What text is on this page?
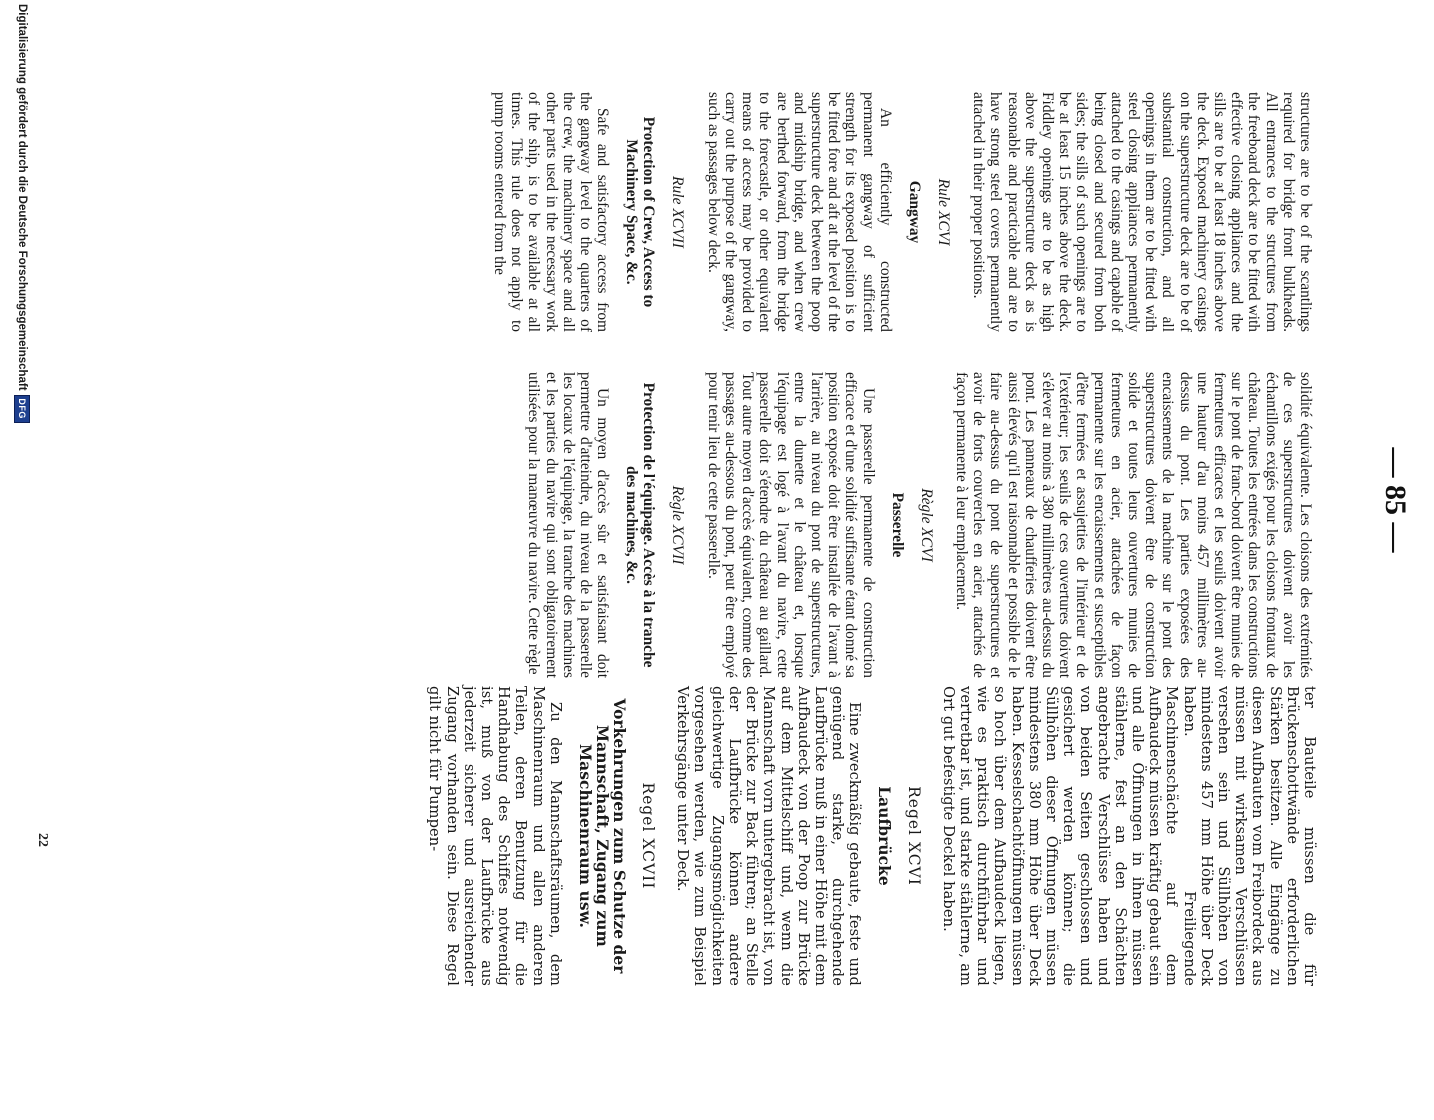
— 85 —

structures are to be of the scantlings required for bridge front bulkheads. All entrances to the structures from the freeboard deck are to be fitted with effective closing appliances and the sills are to be at least 18 inches above the deck. Exposed machinery casings on the superstructure deck are to be of substantial construction, and all openings in them are to be fitted with steel closing appliances permanently attached to the casings and capable of being closed and secured from both sides; the sills of such openings are to be at least 15 inches above the deck. Fiddley openings are to be as high above the superstructure deck as is reasonable and practicable and are to have strong steel covers permanently attached in their proper positions.

Rule XCVI
Gangway

An efficiently constructed permanent gangway of sufficient strength for its exposed position is to be fitted fore and aft at the level of the superstructure deck between the poop and midship bridge, and when crew are berthed forward, from the bridge to the forecastle, or other equivalent means of access may be provided to carry out the purpose of the gangway, such as passages below deck.

Rule XCVII
Protection of Crew, Access to Machinery Space, &c.

Safe and satisfactory access from the gangway level to the quarters of the crew, the machinery space and all other parts used in the necessary work of the ship, is to be available at all times. This rule does not apply to pump rooms entered from the

solidité équivalente. Les cloisons des extrémités de ces superstructures doivent avoir les échantillons exigés pour les cloisons frontaux de château. Toutes les entrées dans les constructions sur le pont de franc-bord doivent être munies de fermetures efficaces et les seuils doivent avoir une hauteur d'au moins 457 millimètres au-dessus du pont. Les parties exposées des encaissements de la machine sur le pont des superstructures doivent être de construction solide et toutes leurs ouvertures munies de fermetures en acier, attachées de façon permanente sur les encaissements et susceptibles d'être fermées et assujetties de l'intérieur et de l'extérieur; les seuils de ces ouvertures doivent s'élever au moins à 380 millimètres au-dessus du pont. Les panneaux de chaufferies doivent être aussi élevés qu'il est raisonnable et possible de le faire au-dessus du pont de superstructures et avoir de forts couvercles en acier, attachés de façon permanente à leur emplacement.

Règle XCVI
Passerelle

Une passerelle permanente de construction efficace et d'une solidité suffisante étant donné sa position exposée doit être installée de l'avant à l'arrière, au niveau du pont de superstructures, entre la dunette et le château et, lorsque l'équipage est logé à l'avant du navire, cette passerelle doit s'étendre du château au gaillard. Tout autre moyen d'accès équivalent, comme des passages au-dessous du pont, peut être employé pour tenir lieu de cette passerelle.

Règle XCVII
Protection de l'équipage. Accès à la tranche des machines, &c.

Un moyen d'accès sûr et satisfaisant doit permettre d'atteindre, du niveau de la passerelle les locaux de l'équipage, la tranche des machines et les parties du navire qui sont obligatoirement utilisées pour la manœuvre du navire. Cette règle

ter Bauteile müssen die für Brückenschottwände erforderlichen Stärken besitzen. Alle Eingänge zu diesen Aufbauten vom Freibordeck aus müssen mit wirksamen Verschlüssen versehen sein und Süllhöhen von mindestens 457 mm Höhe über Deck haben. Freiliegende Maschinenschächte auf dem Aufbaudeck müssen kräftig gebaut sein und alle Öffnungen in ihnen müssen stählerne, fest an den Schächten angebrachte Verschlüsse haben und von beiden Seiten geschlossen und gesichert werden können; die Süllhöhen dieser Öffnungen müssen mindestens 380 mm Höhe über Deck haben. Kesselschachtöffnungen müssen so hoch über dem Aufbaudeck liegen, wie es praktisch durchführbar und vertretbar ist, und starke stählerne, am Ort gut befestigte Deckel haben.

Regel XCVI
Laufbrücke

Eine zweckmäßig gebaute, feste und genügend starke, durchgehende Laufbrücke muß in einer Höhe mit dem Aufbaudeck von der Poop zur Brücke auf dem Mittelschiff und, wenn die Mannschaft vorn untergebracht ist, von der Brücke zur Back führen; an Stelle der Laufbrücke können andere gleichwertige Zugangsmöglichkeiten vorgesehen werden, wie zum Beispiel Verkehrsgänge unter Deck.

Regel XCVII
Vorkehrungen zum Schutze der Mannschaft, Zugang zum Maschinenraum usw.

Zu den Mannschaftsräumen, dem Maschinenraum und allen anderen Teilen, deren Benutzung für die Handhabung des Schiffes notwendig ist, muß von der Laufbrücke aus jederzeit sicherer und ausreichender Zugang vorhanden sein. Diese Regel gilt nicht für Pumpen-

22
Digitalisierung gefördert durch die Deutsche Forschungsgemeinschaft
DFG
